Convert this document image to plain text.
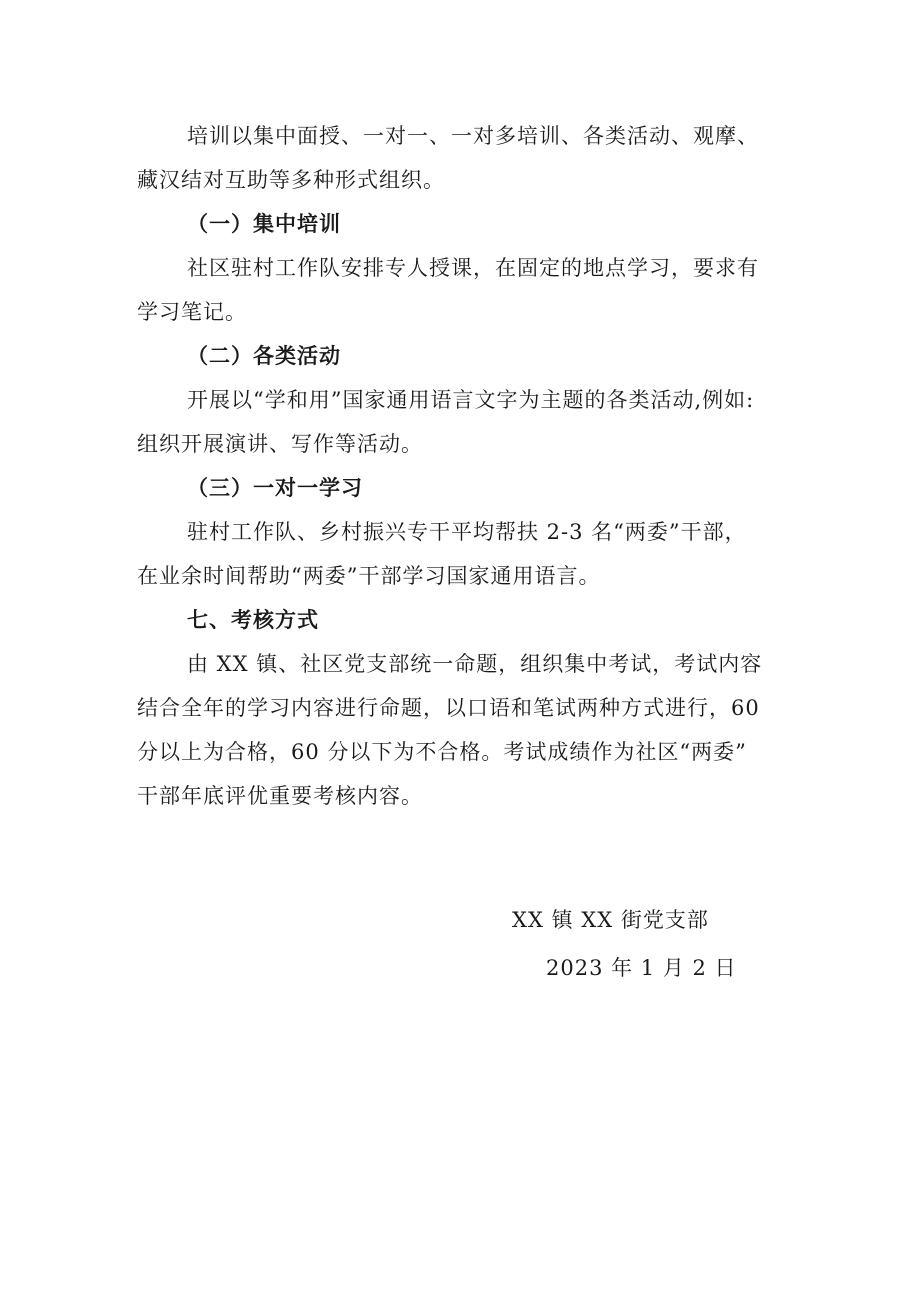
培训以集中面授、一对一、一对多培训、各类活动、观摩、
藏汉结对互助等多种形式组织。
（一）集中培训
社区驻村工作队安排专人授课，在固定的地点学习，要求有
学习笔记。
（二）各类活动
开展以“学和用”国家通用语言文字为主题的各类活动,例如:
组织开展演讲、写作等活动。
（三）一对一学习
驻村工作队、乡村振兴专干平均帮扶 2-3 名“两委”干部，
在业余时间帮助“两委”干部学习国家通用语言。
七、考核方式
由 XX 镇、社区党支部统一命题，组织集中考试，考试内容
结合全年的学习内容进行命题，以口语和笔试两种方式进行，60
分以上为合格，60 分以下为不合格。考试成绩作为社区“两委”
干部年底评优重要考核内容。
XX 镇 XX 街党支部
2023 年 1 月 2 日
